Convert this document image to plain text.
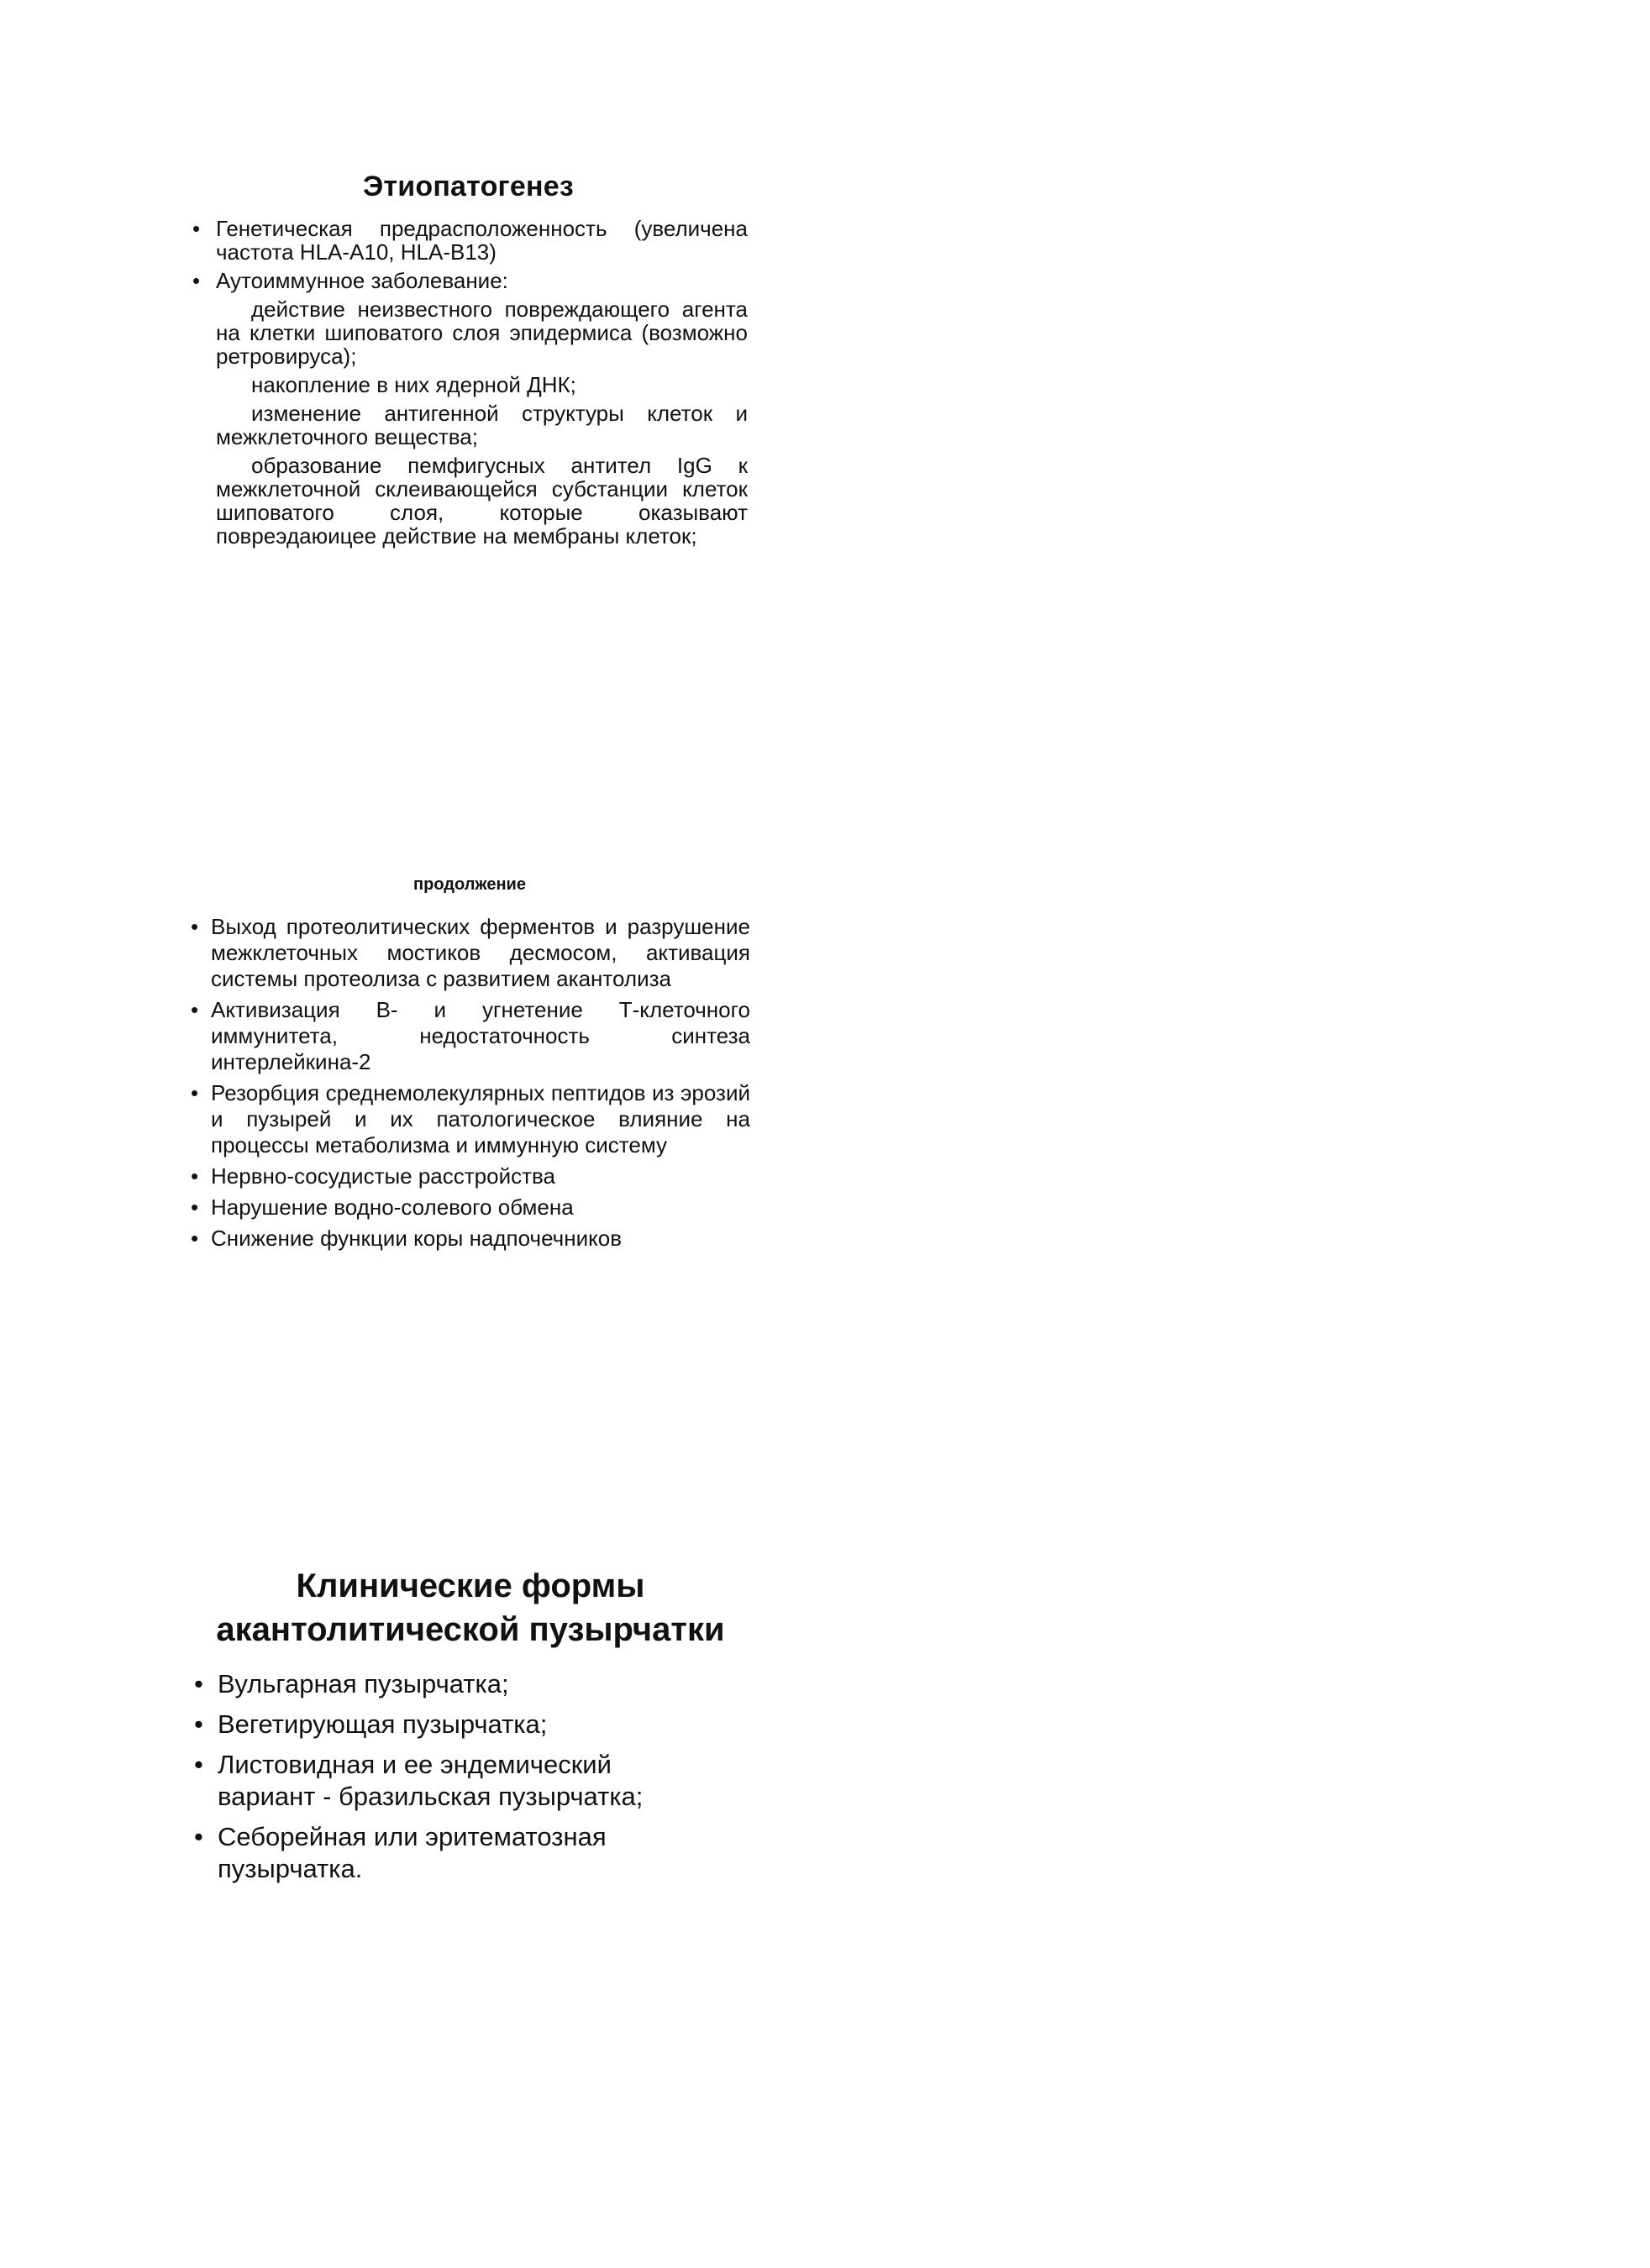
Этиопатогенез
• Генетическая предрасположенность (увеличена частота HLA-A10, HLA-B13)
• Аутоиммунное заболевание:
действие неизвестного повреждающего агента на клетки шиповатого слоя эпидермиса (возможно ретровируса);
накопление в них ядерной ДНК;
изменение антигенной структуры клеток и межклеточного вещества;
образование пемфигусных антител IgG к межклеточной склеивающейся субстанции клеток шиповатого слоя, которые оказывают повреэдаюицее действие на мембраны клеток;
продолжение
• Выход протеолитических ферментов и разрушение межклеточных мостиков десмосом, активация системы протеолиза с развитием акантолиза
• Активизация В- и угнетение Т-клеточного иммунитета, недостаточность синтеза интерлейкина-2
• Резорбция среднемолекулярных пептидов из эрозий и пузырей и их патологическое влияние на процессы метаболизма и иммунную систему
• Нервно-сосудистые расстройства
• Нарушение водно-солевого обмена
• Снижение функции коры надпочечников
Клинические формы
акантолитической пузырчатки
• Вульгарная пузырчатка;
• Вегетирующая пузырчатка;
• Листовидная и ее эндемический
вариант - бразильская пузырчатка;
• Себорейная или эритематозная
пузырчатка.
